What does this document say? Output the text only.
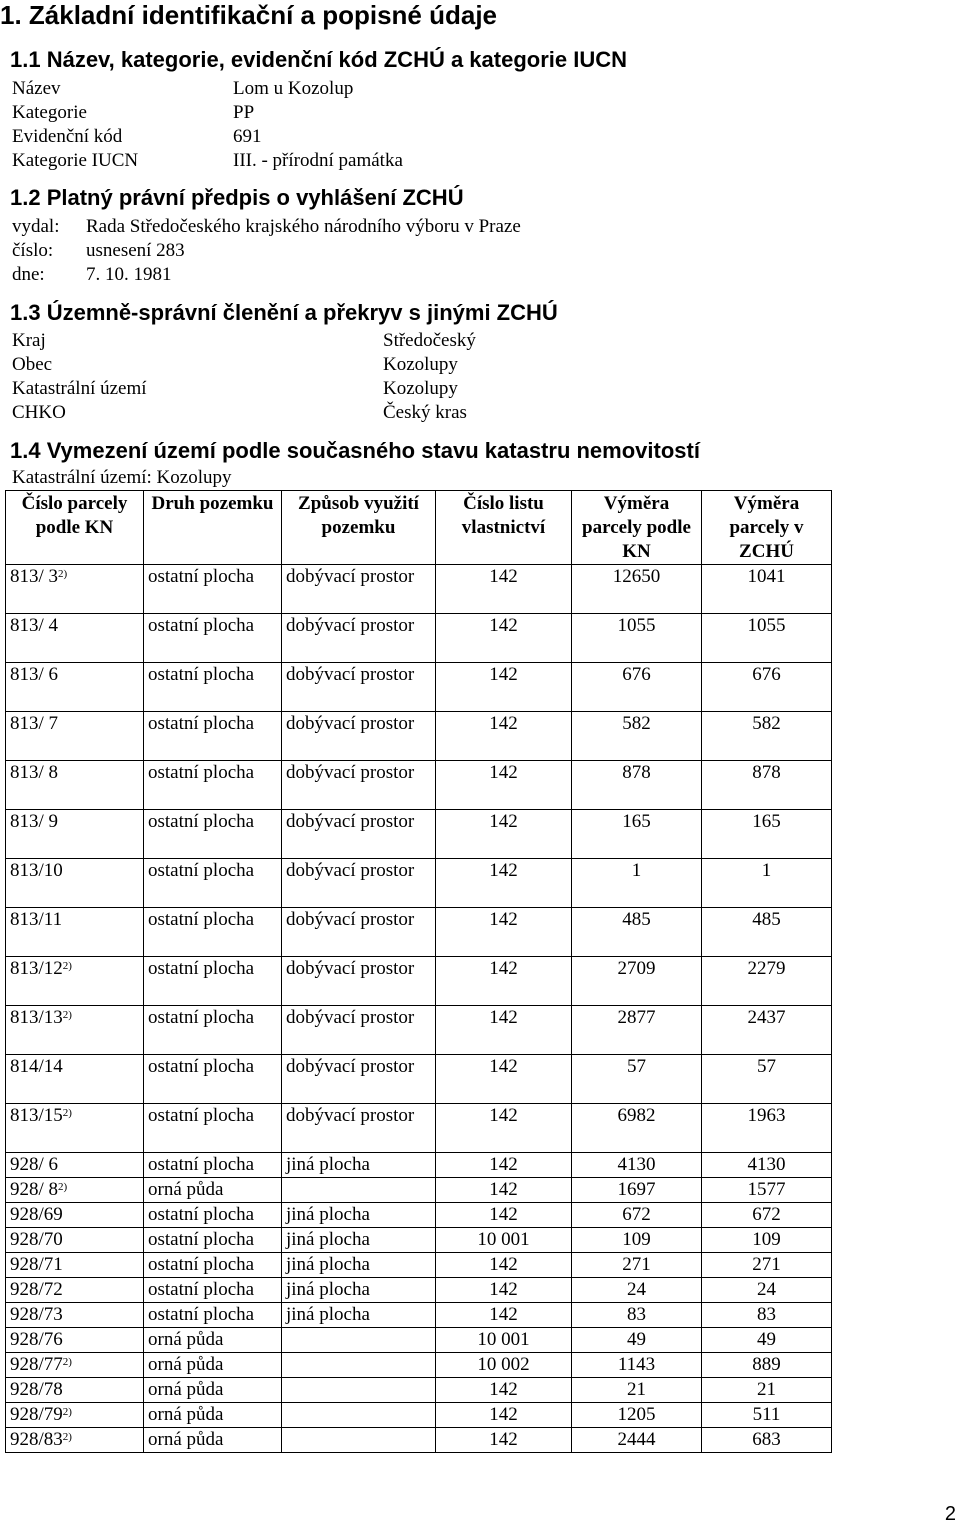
1. Základní identifikační a popisné údaje
1.1 Název, kategorie, evidenční kód ZCHÚ a kategorie IUCN
Název	Lom u Kozolup
Kategorie	PP
Evidenční kód	691
Kategorie IUCN	III. - přírodní památka
1.2 Platný právní předpis o vyhlášení ZCHÚ
vydal: Rada Středočeského krajského národního výboru v Praze
číslo: usnesení 283
dne: 7. 10. 1981
1.3 Územně-správní členění a překryv s jinými ZCHÚ
Kraj	Středočeský
Obec	Kozolupy
Katastrální území	Kozolupy
CHKO	Český kras
1.4 Vymezení území podle současného stavu katastru nemovitostí
Katastrální území: Kozolupy
Číslo parcely podle KN	Druh pozemku	Způsob využití pozemku	Číslo listu vlastnictví	Výměra parcely podle KN	Výměra parcely v ZCHÚ
813/ 3$^{2)}$	ostatní plocha	dobývací prostor	142	12650	1041
813/ 4	ostatní plocha	dobývací prostor	142	1055	1055
813/ 6	ostatní plocha	dobývací prostor	142	676	676
813/ 7	ostatní plocha	dobývací prostor	142	582	582
813/ 8	ostatní plocha	dobývací prostor	142	878	878
813/ 9	ostatní plocha	dobývací prostor	142	165	165
813/10	ostatní plocha	dobývací prostor	142	1	1
813/11	ostatní plocha	dobývací prostor	142	485	485
813/12$^{2)}$	ostatní plocha	dobývací prostor	142	2709	2279
813/13$^{2)}$	ostatní plocha	dobývací prostor	142	2877	2437
814/14	ostatní plocha	dobývací prostor	142	57	57
813/15$^{2)}$	ostatní plocha	dobývací prostor	142	6982	1963
928/ 6	ostatní plocha	jiná plocha	142	4130	4130
928/ 8$^{2)}$	orná půda		142	1697	1577
928/69	ostatní plocha	jiná plocha	142	672	672
928/70	ostatní plocha	jiná plocha	10 001	109	109
928/71	ostatní plocha	jiná plocha	142	271	271
928/72	ostatní plocha	jiná plocha	142	24	24
928/73	ostatní plocha	jiná plocha	142	83	83
928/76	orná půda		10 001	49	49
928/77$^{2)}$	orná půda		10 002	1143	889
928/78	orná půda		142	21	21
928/79$^{2)}$	orná půda		142	1205	511
928/83$^{2)}$	orná půda		142	2444	683
2
